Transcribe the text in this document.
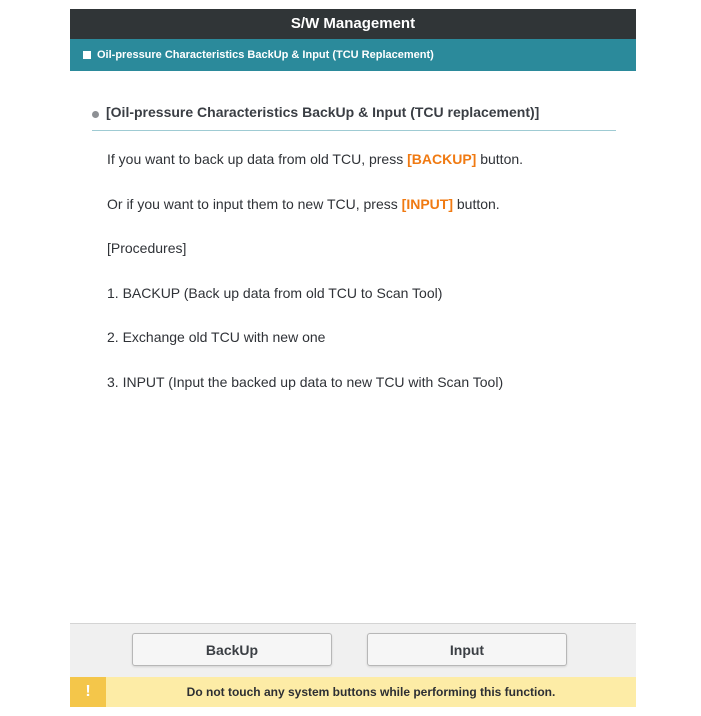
S/W Management
Oil-pressure Characteristics BackUp & Input (TCU Replacement)
[Oil-pressure Characteristics BackUp & Input (TCU replacement)]
If you want to back up data from old TCU, press [BACKUP] button.
Or if you want to input them to new TCU, press [INPUT] button.
[Procedures]
1. BACKUP (Back up data from old TCU to Scan Tool)
2. Exchange old TCU with new one
3. INPUT (Input the backed up data to new TCU with Scan Tool)
BackUp	Input
!	Do not touch any system buttons while performing this function.
